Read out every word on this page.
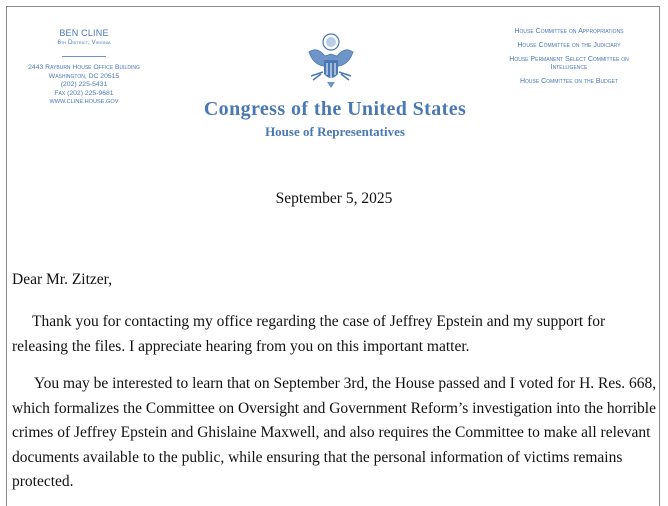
BEN CLINE
6th District, Virginia
2443 Rayburn House Office Building
Washington, DC 20515
(202) 225-5431
Fax (202) 225-9681
WWW.CLINE.HOUSE.GOV	Congress of the United States
House of Representatives
House Committee on Appropriations
House Committee on the Judiciary
House Permanent Select Committee on Intelligence
House Committee on the Budget
September 5, 2025
Dear Mr. Zitzer,
Thank you for contacting my office regarding the case of Jeffrey Epstein and my support for releasing the files. I appreciate hearing from you on this important matter.
You may be interested to learn that on September 3rd, the House passed and I voted for H. Res. 668, which formalizes the Committee on Oversight and Government Reform’s investigation into the horrible crimes of Jeffrey Epstein and Ghislaine Maxwell, and also requires the Committee to make all relevant documents available to the public, while ensuring that the personal information of victims remains protected.
